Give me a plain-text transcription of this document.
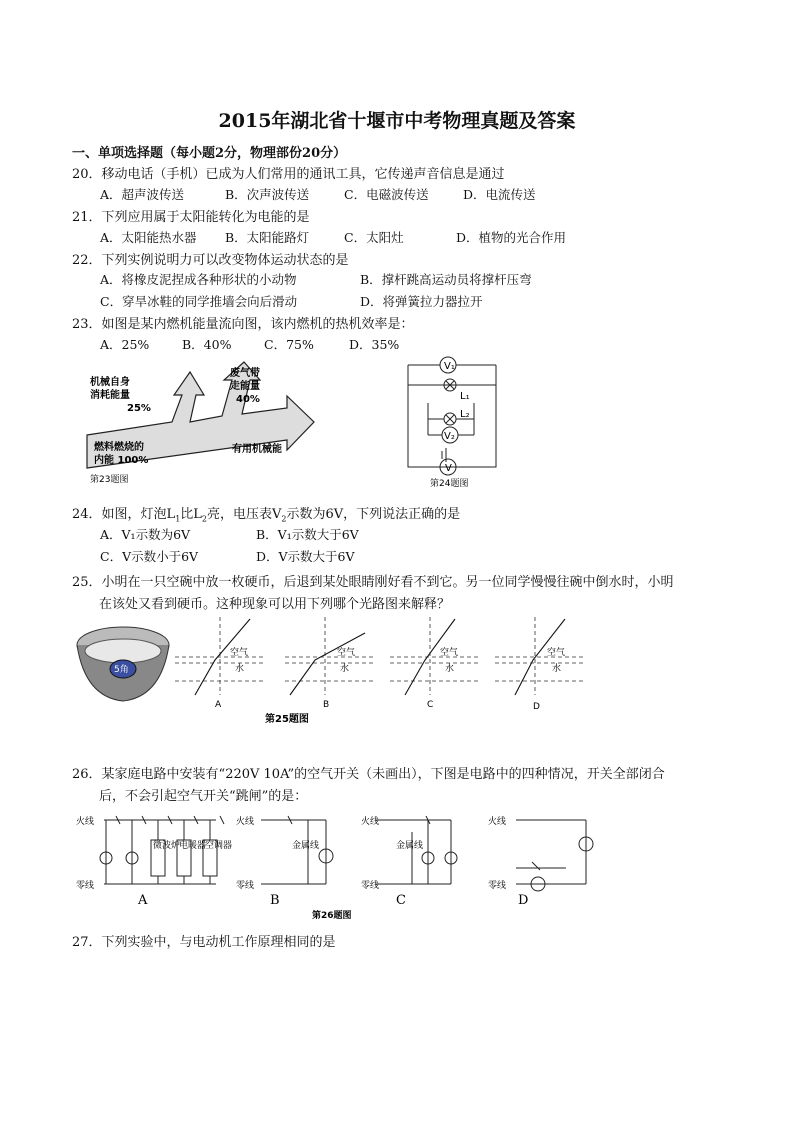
2015年湖北省十堰市中考物理真题及答案
一、单项选择题（每小题2分，物理部份20分）
20．移动电话（手机）已成为人们常用的通讯工具，它传递声音信息是通过
A．超声波传送	B．次声波传送	C．电磁波传送	D．电流传送
21．下列应用属于太阳能转化为电能的是
A．太阳能热水器 B．太阳能路灯	C．太阳灶	D．植物的光合作用
22．下列实例说明力可以改变物体运动状态的是
A．将橡皮泥捏成各种形状的小动物	B．撑杆跳高运动员将撑杆压弯
C．穿旱冰鞋的同学推墙会向后滑动	D．将弹簧拉力器拉开
23．如图是某内燃机能量流向图，该内燃机的热机效率是：
A．25%	B．40%	C．75%	D．35%
机械自身
消耗能量
25%
废气带
走能量
40%
燃料燃烧的
内能 100%
有用机械能
第23题图
V₁
L₁
L₂
V₂
V
第24题图
24．如图，灯泡$L_1$比$L_2$亮，电压表$V_2$示数为6V，下列说法正确的是
A．V₁示数为6V	B．V₁示数大于6V
C．V示数小于6V	D．V示数大于6V
25．小明在一只空碗中放一枚硬币，后退到某处眼睛刚好看不到它。另一位同学慢慢往碗中倒水时，小明
在该处又看到硬币。这种现象可以用下列哪个光路图来解释？
5角
空气
水
空气
水
空气
水
空气
水
A	B	C	D
第25题图
26．某家庭电路中安装有“220V 10A”的空气开关（未画出），下图是电路中的四种情况，开关全部闭合
后，不会引起空气开关“跳闸”的是：
火线
零线
微波炉
电暖器
空调器
火线
零线
金属线
火线
零线
金属线
火线
零线
A	B	C	D
第26题图
27．下列实验中，与电动机工作原理相同的是
